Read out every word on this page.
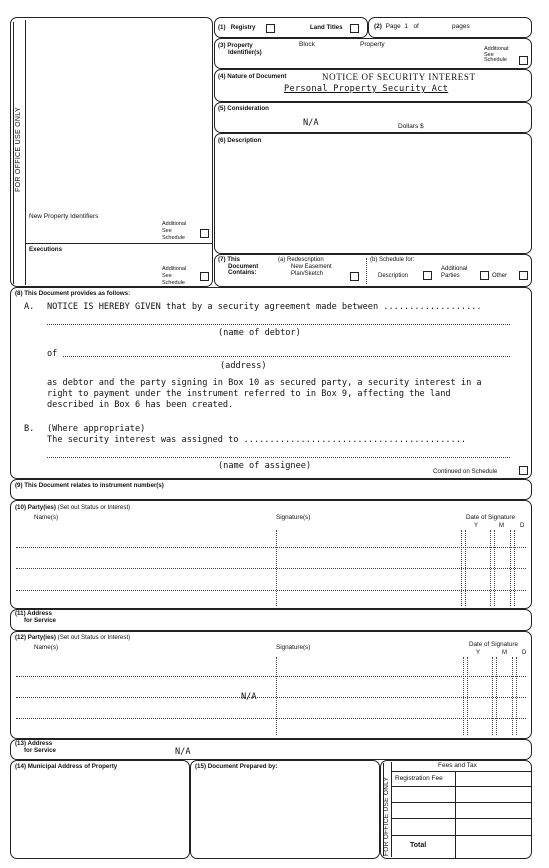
FOR OFFICE USE ONLY
New Property Identifiers
Additional
See
Schedule
Executions
Additional
See
Schedule
(1) Registry	Land Titles	(2) Page 1 of	pages
(3) Property
Identifier(s)
Block	Property
Additional:
See
Schedule
(4) Nature of Document	NOTICE OF SECURITY INTEREST
Personal Property Security Act
(5) Consideration
N/A	Dollars $
(6) Description
(7) This
Document
Contains:
(a) Redescription
New Easement
Plan/Sketch
(b) Schedule for:
Description
Additional
Parties	Other
(8) This Document provides as follows:
A. NOTICE IS HEREBY GIVEN that by a security agreement made between ...................
(name of debtor)
of
(address)
as debtor and the party signing in Box 10 as secured party, a security interest in a
right to payment under the instrument referred to in Box 9, affecting the land
described in Box 6 has been created.
B. (Where appropriate)
The security interest was assigned to ...........................................
(name of assignee)
Continued on Schedule
(9) This Document relates to instrument number(s)
(10) Party(ies) (Set out Status or Interest)
Name(s)	Signature(s)	Date of Signature
Y	M	D
(11) Address
for Service
(12) Party(ies) (Set out Status or Interest)
Name(s)	Signature(s)	Date of Signature
Y	M	D
N/A
(13) Address
for Service	N/A
(14) Municipal Address of Property	(15) Document Prepared by:
FOR OFFICE USE ONLY
Fees and Tax
Registration Fee
Total
